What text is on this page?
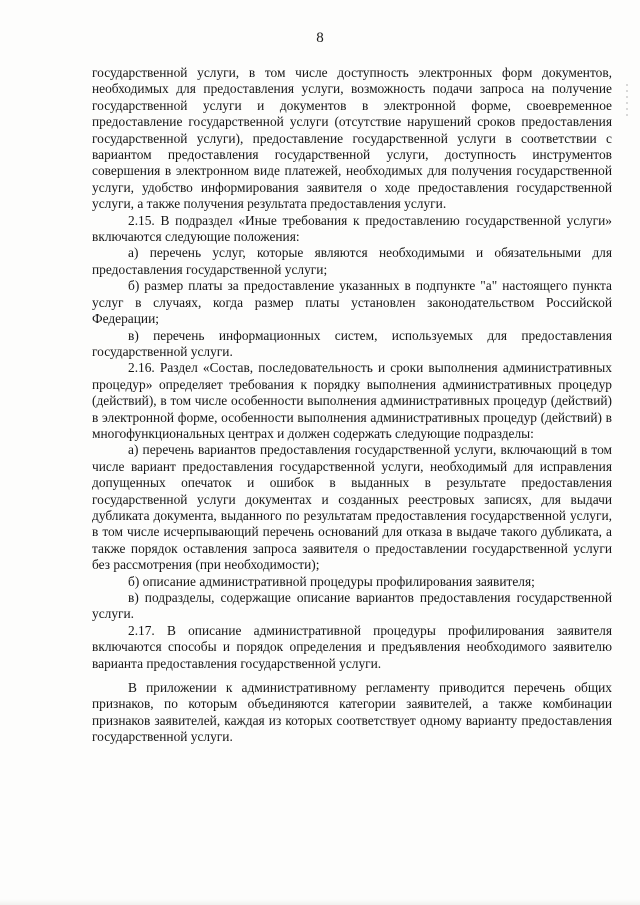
8

государственной услуги, в том числе доступность электронных форм документов, необходимых для предоставления услуги, возможность подачи запроса на получение государственной услуги и документов в электронной форме, своевременное предоставление государственной услуги (отсутствие нарушений сроков предоставления государственной услуги), предоставление государственной услуги в соответствии с вариантом предоставления государственной услуги, доступность инструментов совершения в электронном виде платежей, необходимых для получения государственной услуги, удобство информирования заявителя о ходе предоставления государственной услуги, а также получения результата предоставления услуги.

2.15. В подраздел «Иные требования к предоставлению государственной услуги» включаются следующие положения:

а) перечень услуг, которые являются необходимыми и обязательными для предоставления государственной услуги;

б) размер платы за предоставление указанных в подпункте "а" настоящего пункта услуг в случаях, когда размер платы установлен законодательством Российской Федерации;

в) перечень информационных систем, используемых для предоставления государственной услуги.

2.16. Раздел «Состав, последовательность и сроки выполнения административных процедур» определяет требования к порядку выполнения административных процедур (действий), в том числе особенности выполнения административных процедур (действий) в электронной форме, особенности выполнения административных процедур (действий) в многофункциональных центрах и должен содержать следующие подразделы:

а) перечень вариантов предоставления государственной услуги, включающий в том числе вариант предоставления государственной услуги, необходимый для исправления допущенных опечаток и ошибок в выданных в результате предоставления государственной услуги документах и созданных реестровых записях, для выдачи дубликата документа, выданного по результатам предоставления государственной услуги, в том числе исчерпывающий перечень оснований для отказа в выдаче такого дубликата, а также порядок оставления запроса заявителя о предоставлении государственной услуги без рассмотрения (при необходимости);

б) описание административной процедуры профилирования заявителя;

в) подразделы, содержащие описание вариантов предоставления государственной услуги.

2.17. В описание административной процедуры профилирования заявителя включаются способы и порядок определения и предъявления необходимого заявителю варианта предоставления государственной услуги.

В приложении к административному регламенту приводится перечень общих признаков, по которым объединяются категории заявителей, а также комбинации признаков заявителей, каждая из которых соответствует одному варианту предоставления государственной услуги.
